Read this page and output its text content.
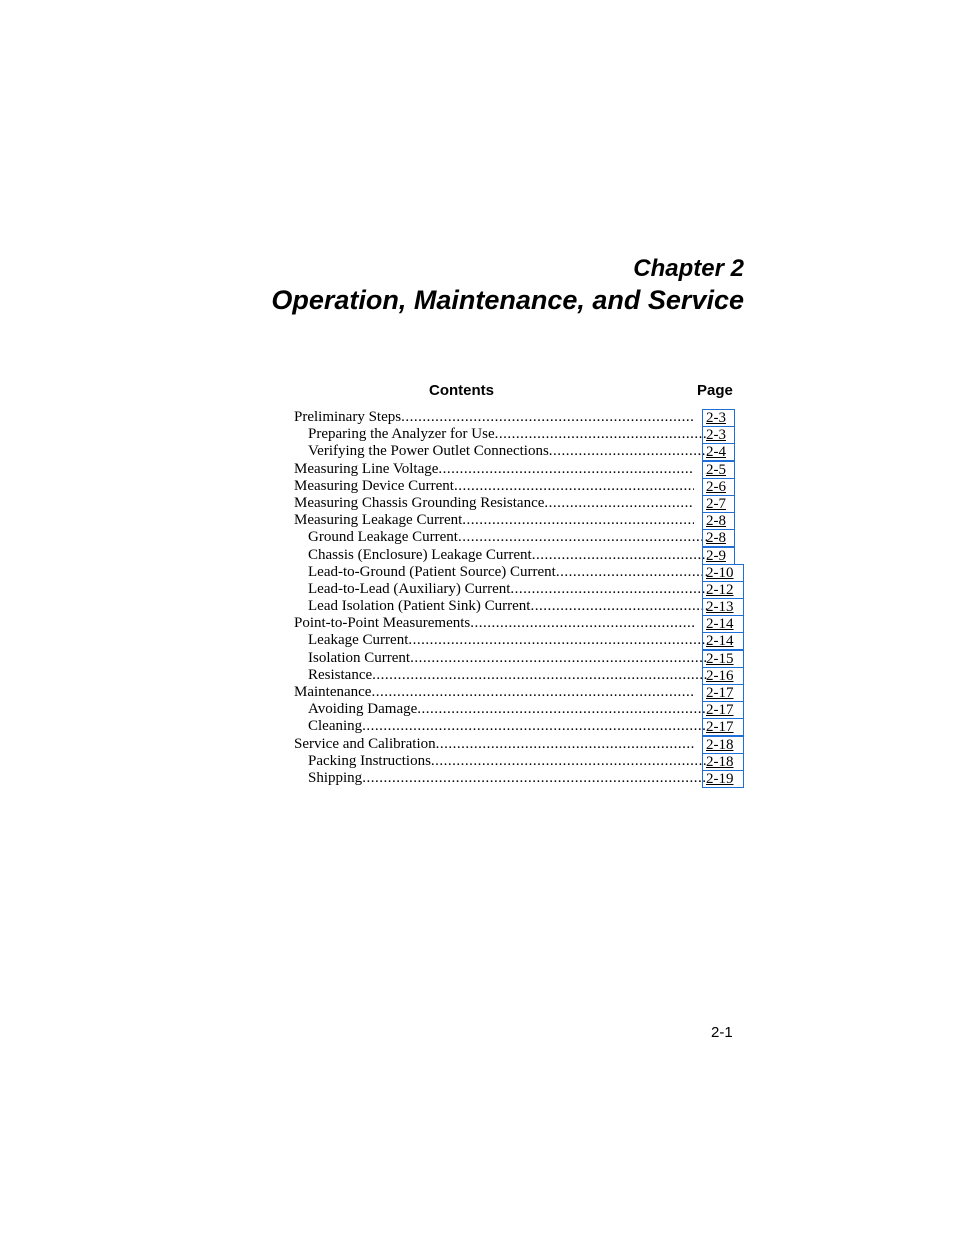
Chapter 2
Operation, Maintenance, and Service
Contents	Page
Preliminary Steps .....	2-3
Preparing the Analyzer for Use .....	2-3
Verifying the Power Outlet Connections .....	2-4
Measuring Line Voltage .....	2-5
Measuring Device Current .....	2-6
Measuring Chassis Grounding Resistance .....	2-7
Measuring Leakage Current .....	2-8
Ground Leakage Current .....	2-8
Chassis (Enclosure) Leakage Current .....	2-9
Lead-to-Ground (Patient Source) Current .....	2-10
Lead-to-Lead (Auxiliary) Current .....	2-12
Lead Isolation (Patient Sink) Current .....	2-13
Point-to-Point Measurements .....	2-14
Leakage Current .....	2-14
Isolation Current .....	2-15
Resistance .....	2-16
Maintenance .....	2-17
Avoiding Damage .....	2-17
Cleaning .....	2-17
Service and Calibration .....	2-18
Packing Instructions .....	2-18
Shipping .....	2-19
2-1
